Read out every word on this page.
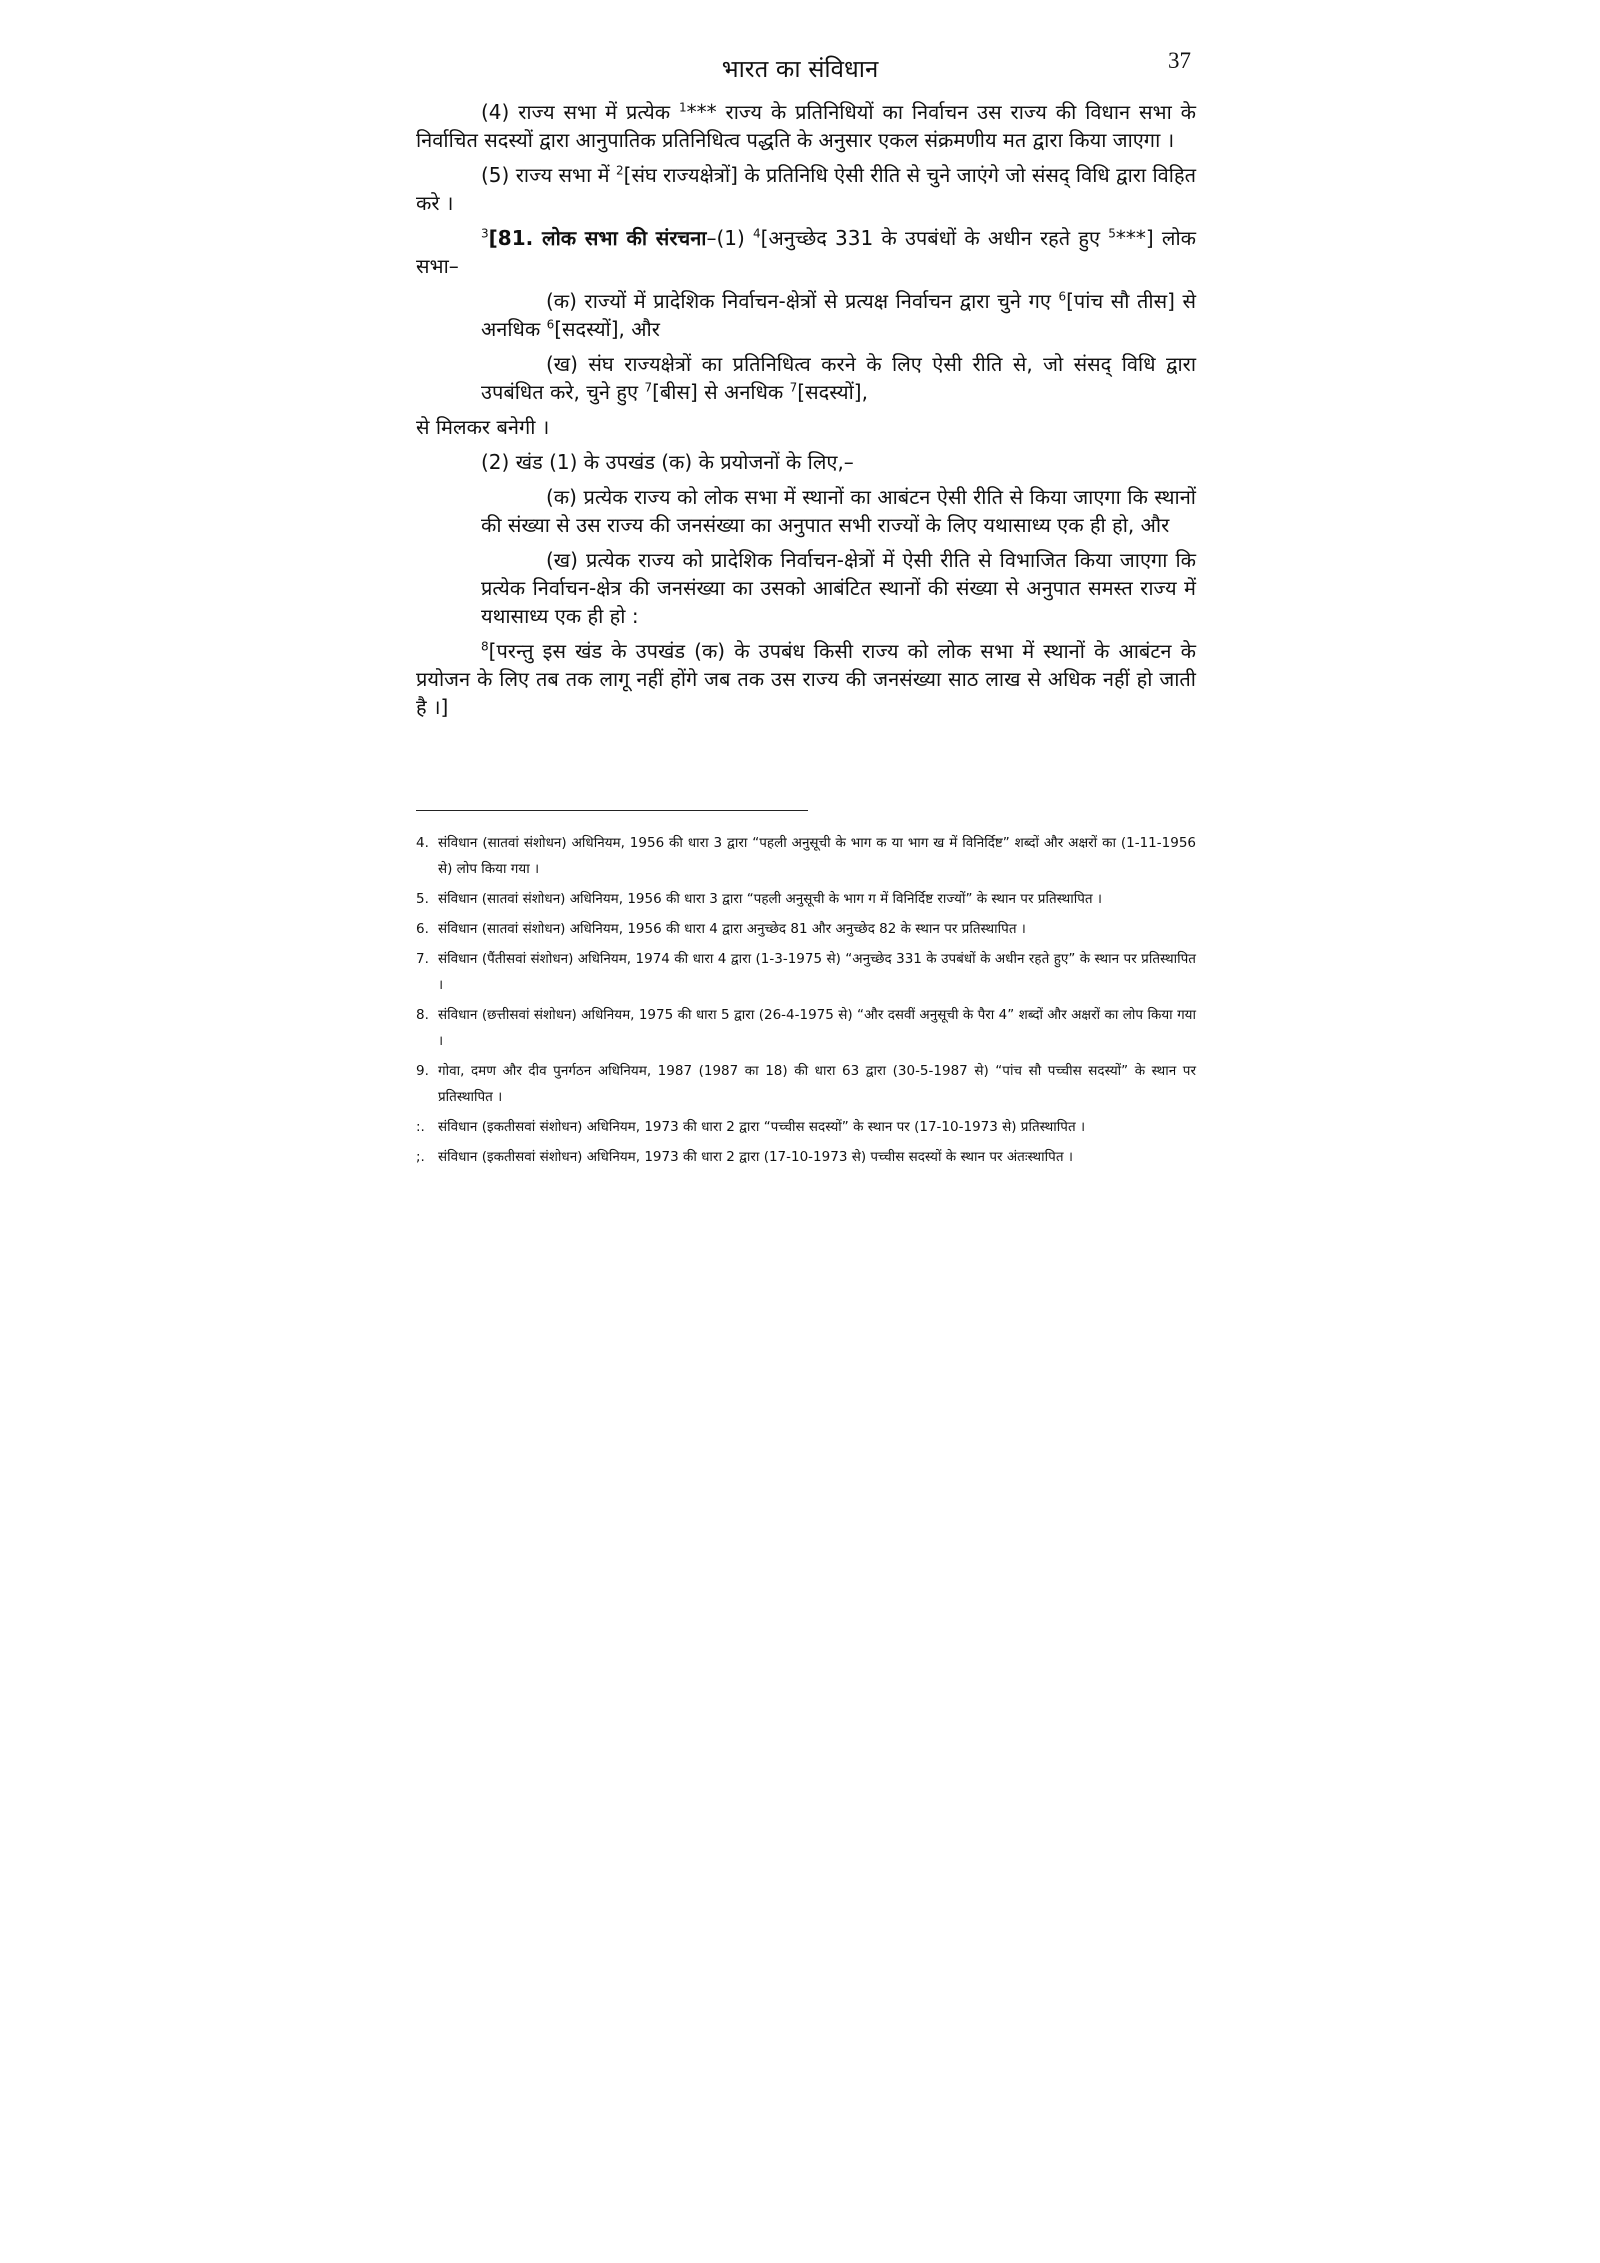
भारत का संविधान	37

(4) राज्य सभा में प्रत्येक $^1$*** राज्य के प्रतिनिधियों का निर्वाचन उस राज्य की विधान सभा के निर्वाचित सदस्यों द्वारा आनुपातिक प्रतिनिधित्व पद्धति के अनुसार एकल संक्रमणीय मत द्वारा किया जाएगा ।

(5) राज्य सभा में $^2$[संघ राज्यक्षेत्रों] के प्रतिनिधि ऐसी रीति से चुने जाएंगे जो संसद् विधि द्वारा विहित करे ।

$^3$[81. लोक सभा की संरचना–(1) $^4$[अनुच्छेद 331 के उपबंधों के अधीन रहते हुए $^5$***] लोक सभा–

(क) राज्यों में प्रादेशिक निर्वाचन-क्षेत्रों से प्रत्यक्ष निर्वाचन द्वारा चुने गए $^6$[पांच सौ तीस] से अनधिक $^6$[सदस्यों], और

(ख) संघ राज्यक्षेत्रों का प्रतिनिधित्व करने के लिए ऐसी रीति से, जो संसद् विधि द्वारा उपबंधित करे, चुने हुए $^7$[बीस] से अनधिक $^7$[सदस्यों],

से मिलकर बनेगी ।

(2) खंड (1) के उपखंड (क) के प्रयोजनों के लिए,–

(क) प्रत्येक राज्य को लोक सभा में स्थानों का आबंटन ऐसी रीति से किया जाएगा कि स्थानों की संख्या से उस राज्य की जनसंख्या का अनुपात सभी राज्यों के लिए यथासाध्य एक ही हो, और

(ख) प्रत्येक राज्य को प्रादेशिक निर्वाचन-क्षेत्रों में ऐसी रीति से विभाजित किया जाएगा कि प्रत्येक निर्वाचन-क्षेत्र की जनसंख्या का उसको आबंटित स्थानों की संख्या से अनुपात समस्त राज्य में यथासाध्य एक ही हो :

$^8$[परन्तु इस खंड के उपखंड (क) के उपबंध किसी राज्य को लोक सभा में स्थानों के आबंटन के प्रयोजन के लिए तब तक लागू नहीं होंगे जब तक उस राज्य की जनसंख्या साठ लाख से अधिक नहीं हो जाती है ।]

4. संविधान (सातवां संशोधन) अधिनियम, 1956 की धारा 3 द्वारा “पहली अनुसूची के भाग क या भाग ख में विनिर्दिष्ट” शब्दों और अक्षरों का (1-11-1956 से) लोप किया गया ।
5. संविधान (सातवां संशोधन) अधिनियम, 1956 की धारा 3 द्वारा “पहली अनुसूची के भाग ग में विनिर्दिष्ट राज्यों” के स्थान पर प्रतिस्थापित ।
6. संविधान (सातवां संशोधन) अधिनियम, 1956 की धारा 4 द्वारा अनुच्छेद 81 और अनुच्छेद 82 के स्थान पर प्रतिस्थापित ।
7. संविधान (पैंतीसवां संशोधन) अधिनियम, 1974 की धारा 4 द्वारा (1-3-1975 से) “अनुच्छेद 331 के उपबंधों के अधीन रहते हुए” के स्थान पर प्रतिस्थापित ।
8. संविधान (छत्तीसवां संशोधन) अधिनियम, 1975 की धारा 5 द्वारा (26-4-1975 से) “और दसवीं अनुसूची के पैरा 4” शब्दों और अक्षरों का लोप किया गया ।
9. गोवा, दमण और दीव पुनर्गठन अधिनियम, 1987 (1987 का 18) की धारा 63 द्वारा (30-5-1987 से) “पांच सौ पच्चीस सदस्यों” के स्थान पर प्रतिस्थापित ।
:. संविधान (इकतीसवां संशोधन) अधिनियम, 1973 की धारा 2 द्वारा “पच्चीस सदस्यों” के स्थान पर (17-10-1973 से) प्रतिस्थापित ।
;. संविधान (इकतीसवां संशोधन) अधिनियम, 1973 की धारा 2 द्वारा (17-10-1973 से) पच्चीस सदस्यों के स्थान पर अंतःस्थापित ।
